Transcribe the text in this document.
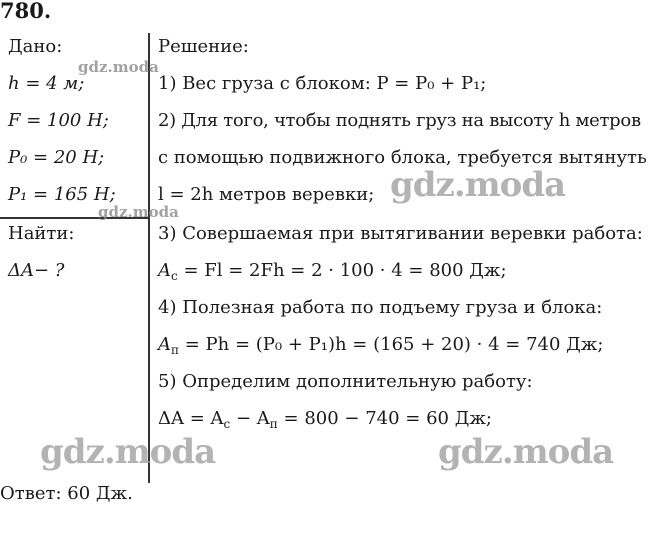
780.
Дано:
h = 4 м;
F = 100 Н;
P₀ = 20 Н;
P₁ = 165 Н;
Найти:
ΔA− ?
Решение:
1) Вес груза с блоком: P = P₀ + P₁;
2) Для того, чтобы поднять груз на высоту h метров
с помощью подвижного блока, требуется вытянуть
l = 2h метров веревки;
3) Совершаемая при вытягивании веревки работа:
$A_с = Fl = 2Fh = 2 \cdot 100 \cdot 4 = 800$ Дж;
4) Полезная работа по подъему груза и блока:
$A_п = Ph = (P_0 + P_1)h = (165 + 20) \cdot 4 = 740$ Дж;
5) Определим дополнительную работу:
$\Delta A = A_с - A_п = 800 - 740 = 60$ Дж;
Ответ: 60 Дж.
gdz.moda
gdz.moda
gdz.moda
gdz.moda	gdz.moda
